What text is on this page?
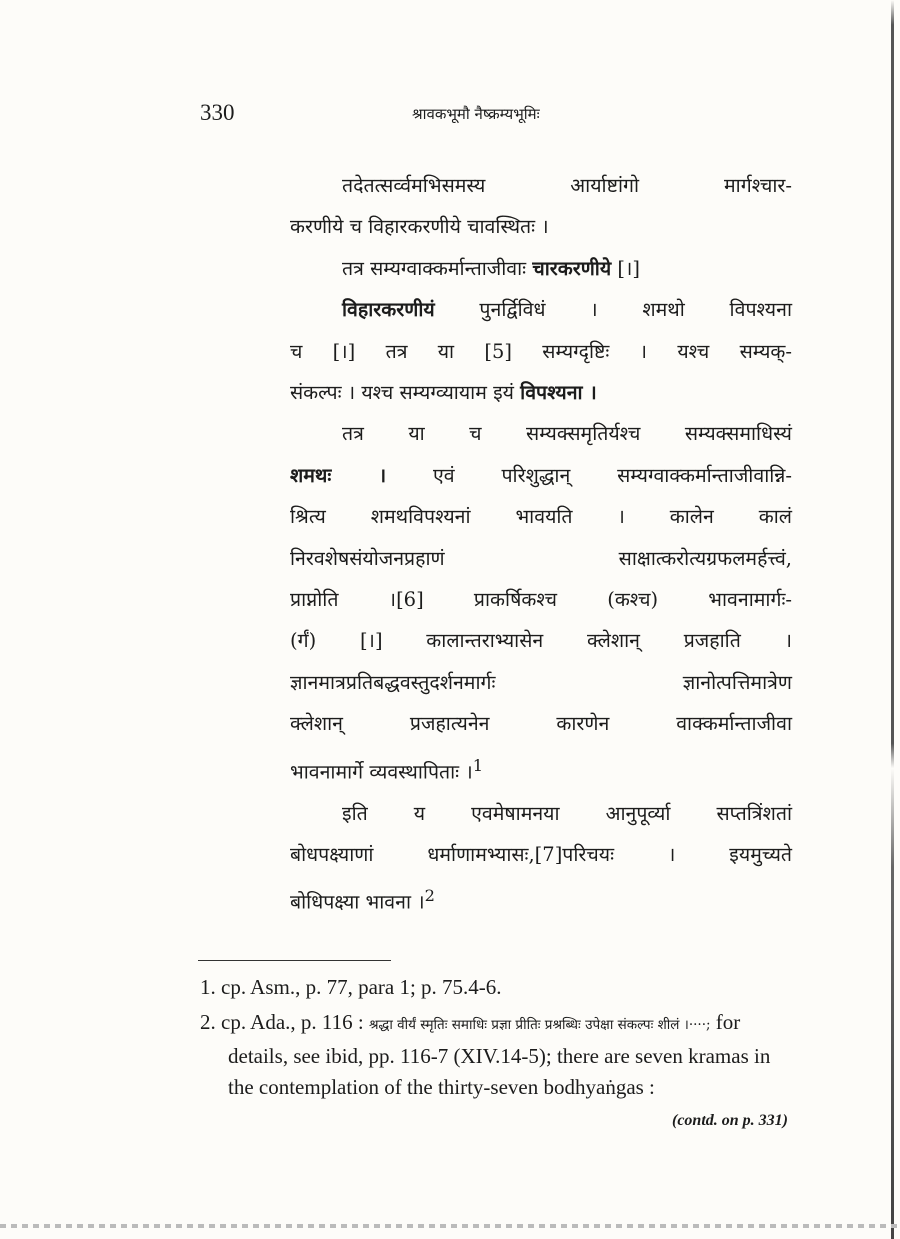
330	श्रावकभूमौ नैष्क्रम्यभूमिः

तदेतत्सर्व्वमभिसमस्य आर्याष्टांगो मार्गश्चार-

करणीये च विहारकरणीये चावस्थितः ।

तत्र सम्यग्वाक्कर्मान्ताजीवाः चारकरणीये [।]

विहारकरणीयं पुनर्द्विविधं । शमथो विपश्यना

च [।] तत्र या [5] सम्यग्दृष्टिः । यश्च सम्यक्-

संकल्पः । यश्च सम्यग्व्यायाम इयं विपश्यना ।

तत्र या च सम्यक्समृतिर्यश्च सम्यक्समाधिस्यं

शमथः । एवं परिशुद्धान् सम्यग्वाक्कर्मान्ताजीवान्नि-

श्रित्य शमथविपश्यनां भावयति । कालेन कालं

निरवशेषसंयोजनप्रहाणं साक्षात्करोत्यग्रफलमर्हत्त्वं,

प्राप्नोति ।[6] प्राकर्षिकश्च (कश्च) भावनामार्गः-

(र्गं) [।] कालान्तराभ्यासेन क्लेशान् प्रजहाति ।

ज्ञानमात्रप्रतिबद्धवस्तुदर्शनमार्गः ज्ञानोत्पत्तिमात्रेण

क्लेशान् प्रजहात्यनेन कारणेन वाक्कर्मान्ताजीवा

भावनामार्गे व्यवस्थापिताः ।$^1$

इति य एवमेषामनया आनुपूर्व्या सप्तत्रिंशतां

बोधपक्ष्याणां धर्माणामभ्यासः,[7]परिचयः । इयमुच्यते

बोधिपक्ष्या भावना ।$^2$

1. cp. Asm., p. 77, para 1; p. 75.4-6.

2. cp. Ada., p. 116 : श्रद्धा वीर्यं स्मृतिः समाधिः प्रज्ञा प्रीतिः प्रश्रब्धिः उपेक्षा संकल्पः शीलं ।····; for details, see ibid, pp. 116-7 (XIV.14-5); there are seven kramas in the contemplation of the thirty-seven bodhyaṅgas :

(contd. on p. 331)
